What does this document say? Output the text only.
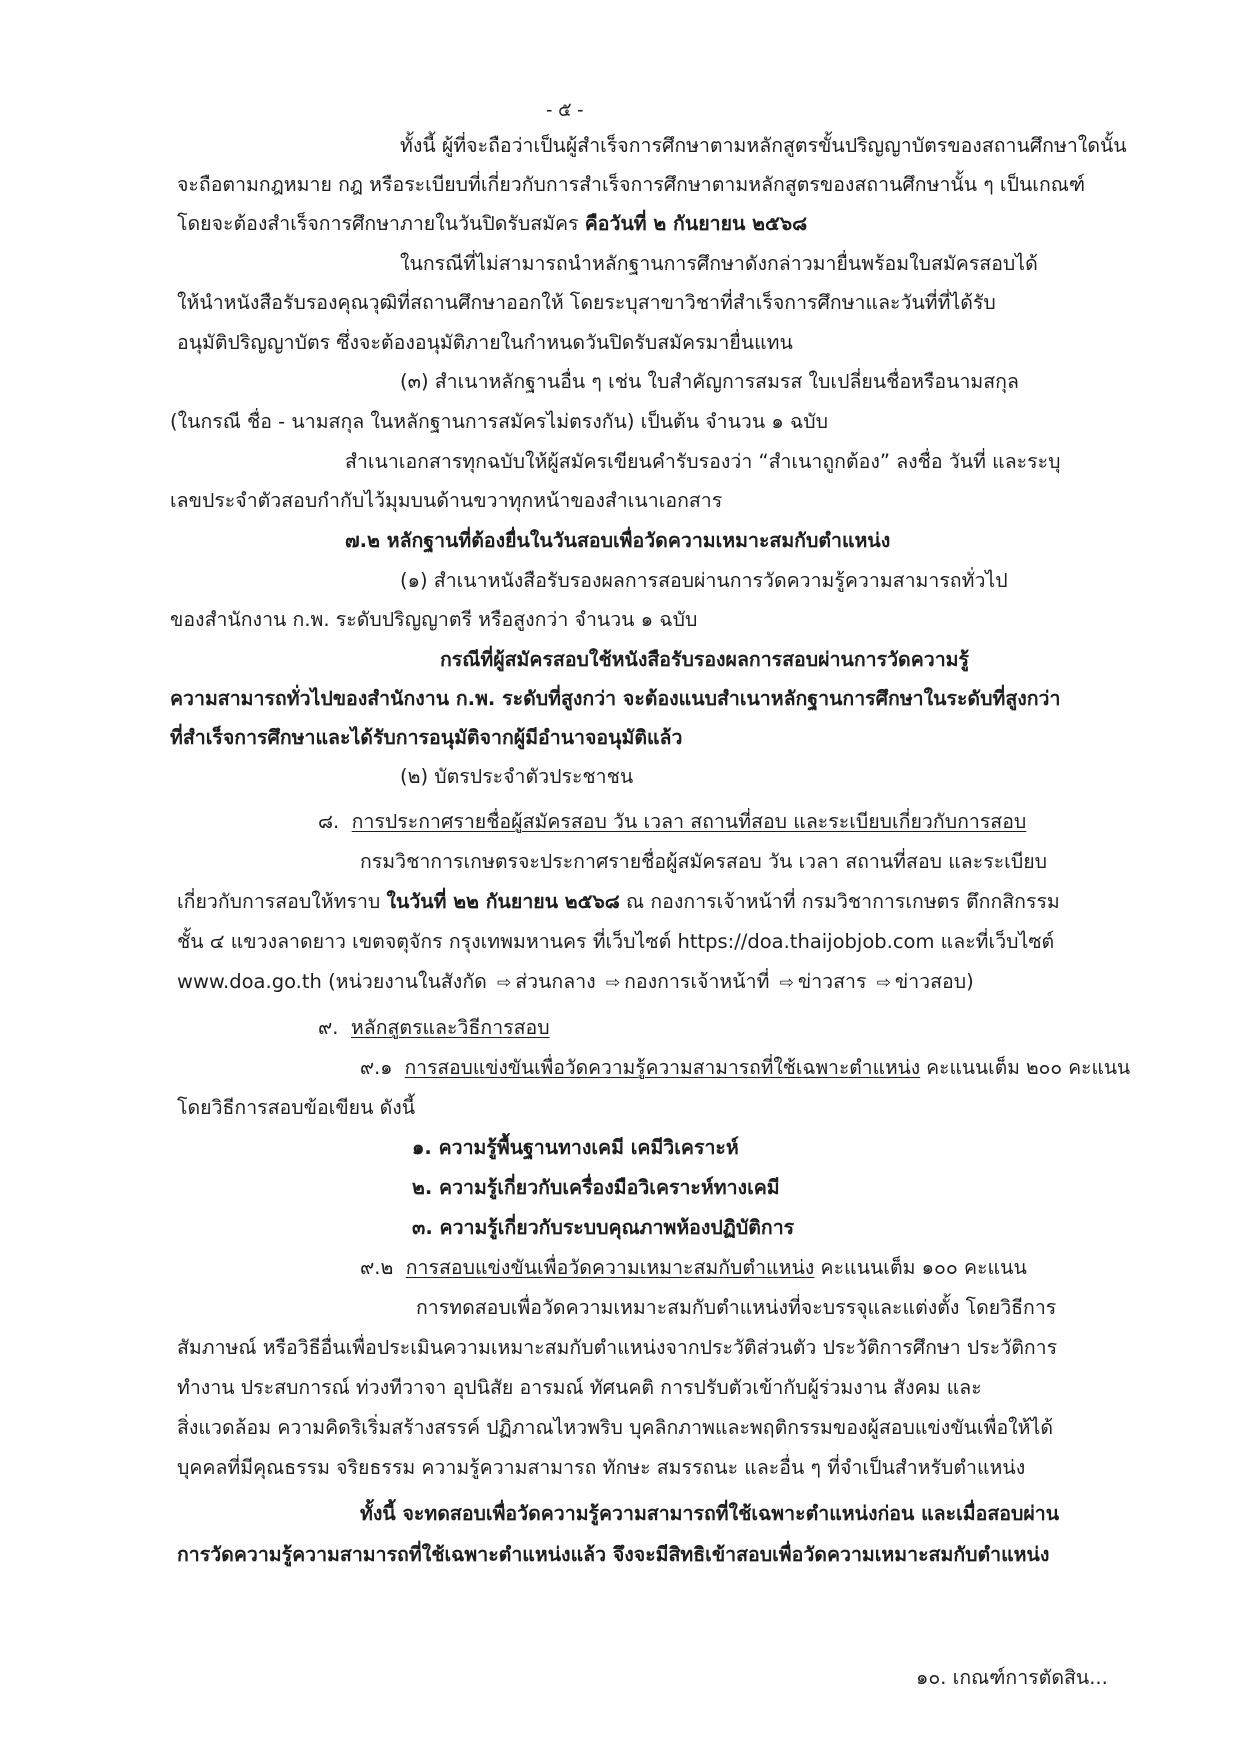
- ๕ -
ทั้งนี้ ผู้ที่จะถือว่าเป็นผู้สำเร็จการศึกษาตามหลักสูตรขั้นปริญญาบัตรของสถานศึกษาใดนั้น
จะถือตามกฎหมาย กฎ หรือระเบียบที่เกี่ยวกับการสำเร็จการศึกษาตามหลักสูตรของสถานศึกษานั้น ๆ เป็นเกณฑ์
โดยจะต้องสำเร็จการศึกษาภายในวันปิดรับสมัคร คือวันที่ ๒ กันยายน ๒๕๖๘
ในกรณีที่ไม่สามารถนำหลักฐานการศึกษาดังกล่าวมายื่นพร้อมใบสมัครสอบได้
ให้นำหนังสือรับรองคุณวุฒิที่สถานศึกษาออกให้ โดยระบุสาขาวิชาที่สำเร็จการศึกษาและวันที่ที่ได้รับ
อนุมัติปริญญาบัตร ซึ่งจะต้องอนุมัติภายในกำหนดวันปิดรับสมัครมายื่นแทน
(๓) สำเนาหลักฐานอื่น ๆ เช่น ใบสำคัญการสมรส ใบเปลี่ยนชื่อหรือนามสกุล
(ในกรณี ชื่อ - นามสกุล ในหลักฐานการสมัครไม่ตรงกัน) เป็นต้น จำนวน ๑ ฉบับ
สำเนาเอกสารทุกฉบับให้ผู้สมัครเขียนคำรับรองว่า “สำเนาถูกต้อง” ลงชื่อ วันที่ และระบุ
เลขประจำตัวสอบกำกับไว้มุมบนด้านขวาทุกหน้าของสำเนาเอกสาร
๗.๒ หลักฐานที่ต้องยื่นในวันสอบเพื่อวัดความเหมาะสมกับตำแหน่ง
(๑) สำเนาหนังสือรับรองผลการสอบผ่านการวัดความรู้ความสามารถทั่วไป
ของสำนักงาน ก.พ. ระดับปริญญาตรี หรือสูงกว่า จำนวน ๑ ฉบับ
กรณีที่ผู้สมัครสอบใช้หนังสือรับรองผลการสอบผ่านการวัดความรู้
ความสามารถทั่วไปของสำนักงาน ก.พ. ระดับที่สูงกว่า จะต้องแนบสำเนาหลักฐานการศึกษาในระดับที่สูงกว่า
ที่สำเร็จการศึกษาและได้รับการอนุมัติจากผู้มีอำนาจอนุมัติแล้ว
(๒) บัตรประจำตัวประชาชน
๘. การประกาศรายชื่อผู้สมัครสอบ วัน เวลา สถานที่สอบ และระเบียบเกี่ยวกับการสอบ
กรมวิชาการเกษตรจะประกาศรายชื่อผู้สมัครสอบ วัน เวลา สถานที่สอบ และระเบียบ
เกี่ยวกับการสอบให้ทราบ ในวันที่ ๒๒ กันยายน ๒๕๖๘ ณ กองการเจ้าหน้าที่ กรมวิชาการเกษตร ตึกกสิกรรม
ชั้น ๔ แขวงลาดยาว เขตจตุจักร กรุงเทพมหานคร ที่เว็บไซต์ https://doa.thaijobjob.com และที่เว็บไซต์
www.doa.go.th (หน่วยงานในสังกัด ⇨ ส่วนกลาง ⇨ กองการเจ้าหน้าที่ ⇨ ข่าวสาร ⇨ ข่าวสอบ)
๙. หลักสูตรและวิธีการสอบ
๙.๑ การสอบแข่งขันเพื่อวัดความรู้ความสามารถที่ใช้เฉพาะตำแหน่ง คะแนนเต็ม ๒๐๐ คะแนน
โดยวิธีการสอบข้อเขียน ดังนี้
๑. ความรู้พื้นฐานทางเคมี เคมีวิเคราะห์
๒. ความรู้เกี่ยวกับเครื่องมือวิเคราะห์ทางเคมี
๓. ความรู้เกี่ยวกับระบบคุณภาพห้องปฏิบัติการ
๙.๒ การสอบแข่งขันเพื่อวัดความเหมาะสมกับตำแหน่ง คะแนนเต็ม ๑๐๐ คะแนน
การทดสอบเพื่อวัดความเหมาะสมกับตำแหน่งที่จะบรรจุและแต่งตั้ง โดยวิธีการ
สัมภาษณ์ หรือวิธีอื่นเพื่อประเมินความเหมาะสมกับตำแหน่งจากประวัติส่วนตัว ประวัติการศึกษา ประวัติการ
ทำงาน ประสบการณ์ ท่วงทีวาจา อุปนิสัย อารมณ์ ทัศนคติ การปรับตัวเข้ากับผู้ร่วมงาน สังคม และ
สิ่งแวดล้อม ความคิดริเริ่มสร้างสรรค์ ปฏิภาณไหวพริบ บุคลิกภาพและพฤติกรรมของผู้สอบแข่งขันเพื่อให้ได้
บุคคลที่มีคุณธรรม จริยธรรม ความรู้ความสามารถ ทักษะ สมรรถนะ และอื่น ๆ ที่จำเป็นสำหรับตำแหน่ง
ทั้งนี้ จะทดสอบเพื่อวัดความรู้ความสามารถที่ใช้เฉพาะตำแหน่งก่อน และเมื่อสอบผ่าน
การวัดความรู้ความสามารถที่ใช้เฉพาะตำแหน่งแล้ว จึงจะมีสิทธิเข้าสอบเพื่อวัดความเหมาะสมกับตำแหน่ง
๑๐. เกณฑ์การตัดสิน...
